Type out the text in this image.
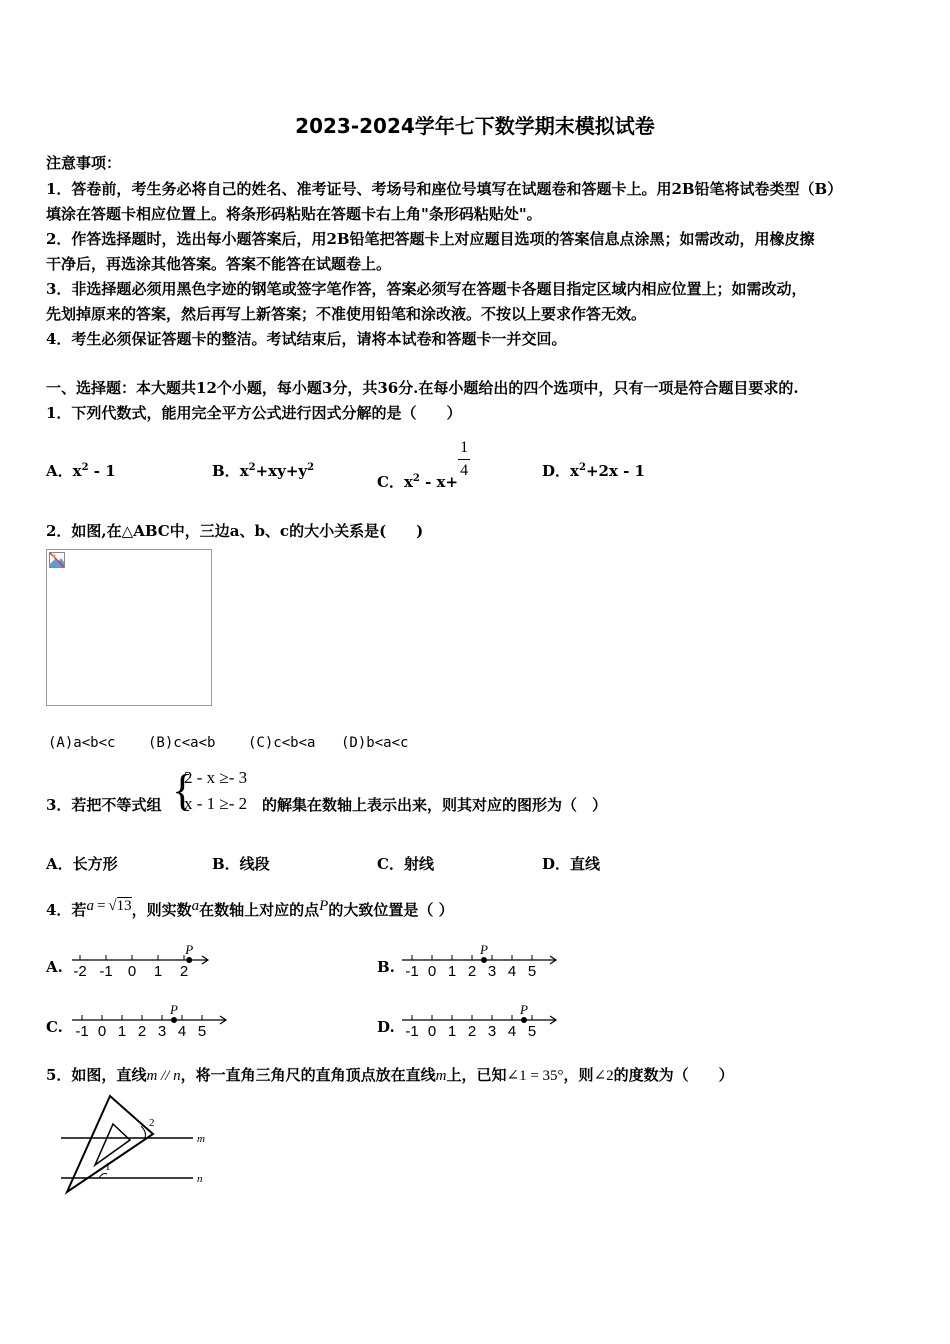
2023-2024学年七下数学期末模拟试卷
注意事项：
1．答卷前，考生务必将自己的姓名、准考证号、考场号和座位号填写在试题卷和答题卡上。用2B铅笔将试卷类型（B）
填涂在答题卡相应位置上。将条形码粘贴在答题卡右上角"条形码粘贴处"。
2．作答选择题时，选出每小题答案后，用2B铅笔把答题卡上对应题目选项的答案信息点涂黑；如需改动，用橡皮擦
干净后，再选涂其他答案。答案不能答在试题卷上。
3．非选择题必须用黑色字迹的钢笔或签字笔作答，答案必须写在答题卡各题目指定区域内相应位置上；如需改动，
先划掉原来的答案，然后再写上新答案；不准使用铅笔和涂改液。不按以上要求作答无效。
4．考生必须保证答题卡的整洁。考试结束后，请将本试卷和答题卡一并交回。
一、选择题：本大题共12个小题，每小题3分，共36分.在每小题给出的四个选项中，只有一项是符合题目要求的.
1．下列代数式，能用完全平方公式进行因式分解的是（　　）
A．$x^2 - 1$	B．$x^2+xy+y^2$
C．$x^2 - x+ \frac{1}{4}$	D．$x^2+2x - 1$
2．如图,在△ABC中，三边a、b、c的大小关系是(　　)
(A)a<b<c (B)c<a<b (C)c<b<a (D)b<a<c
3．若把不等式组 {
2 - x ≥- 3
x - 1 ≥- 2 的解集在数轴上表示出来，则其对应的图形为（　）
A．长方形	B．线段	C．射线	D．直线
4．若a = √13，则实数a在数轴上对应的点P的大致位置是（ ）
A. -2 -1 0 1 2
P
B. -1 0 1 2 3 4 5
P
C. -1 0 1 2 3 4 5
P
D. -1 0 1 2 3 4 5
P
5．如图，直线m // n，将一直角三角尺的直角顶点放在直线m上，已知∠1 = 35°，则∠2的度数为（　　）
m
n
1
2
